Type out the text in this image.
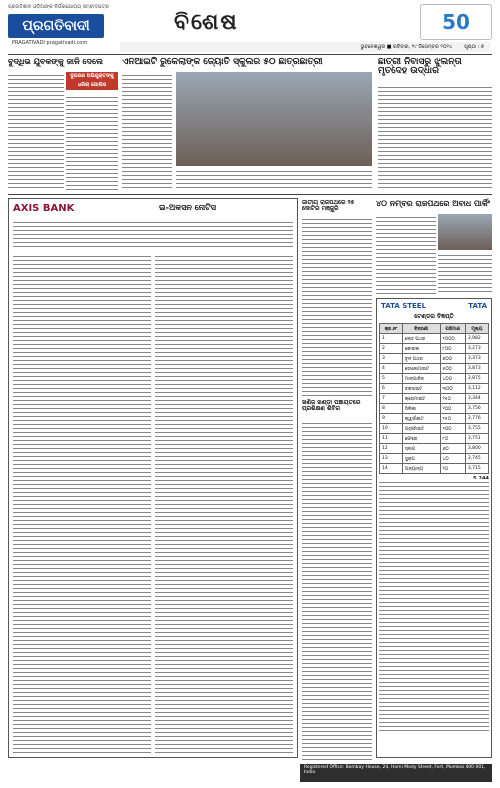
ପ୍ରଗତିଶୀଳ ଓଡ଼ିଆଙ୍କ ନିର୍ଭରଯୋଗ୍ୟ ସମ୍ବାଦପତ୍ର
ପ୍ରଗତିବାଦୀ
PRAGATIVADI pragativadi.com
ବିଶେଷ	50
ଭୁବନେଶ୍ୱର ■ ରବିବାର, ୨୯ ଡିସେମ୍ବର ୨୦୨୪ ପୃଷ୍ଠା : ୭
ବୁଦ୍ଧିଭ ଯୁବକଙ୍କୁ ଜାଳି ଦେଲେ
ଦୁଇଜଣ ଅଭିଯୁକ୍ତଙ୍କୁ ଧରିଲା ପୋଲିସ
ଏନଆଇଟି ରୁକେଲାଙ୍କ ଜ୍ୟୋତି ସ୍କୁଲର ୫୦ ଛାତ୍ରଛାତ୍ରୀ	ଛାତ୍ରୀ ନିବାସରୁ ଝୁଲନ୍ତା ମୃତଦେହ ଉଦ୍ଧାର
AXIS BANK	ଇ-ଅକସନ ନୋଟିସ
ଜାତୀୟ ରାଜପଥରେ ୨୫ କୋଟିର ମଞ୍ଜୁରି
ଖଣିଜ ଖଣ୍ଡା ପଞ୍ଚାୟତରେ ପ୍ରଶିକ୍ଷଣ ଶିବିର
୪୦ ନମ୍ବର ରାଜପଥରେ ଅବାଧ ପାର୍କିଂ
TATA STEEL	TATA
ଟେଣ୍ଡର ବିଜ୍ଞପ୍ତି
କ୍ର.ନଂ	ବିବରଣୀ	ପରିମାଣ	ମୂଲ୍ୟ
1	ଲୋହ ପଥର	୧୦୦୦	3,982
2	କୋଇଲା	୮୦୦	3,273
3	ଚୂନ ପଥର	୬୦୦	3,373
4	ଡୋଲୋମାଇଟ	୫୦୦	3,873
5	ମାଙ୍ଗାନିଜ	୪୦୦	3,875
6	ବକ୍ସାଇଟ	୩୦୦	3,112
7	କ୍ରୋମାଇଟ	୨୫୦	3,344
8	ସିଲିକା	୨୦୦	3,756
9	କ୍ୱାର୍ଜାଇଟ	୧୫୦	3,776
10	ଗ୍ରାଫାଇଟ	୧୦୦	3,755
11	ଫେରୋ	୮୦	3,751
12	ସ୍ଲାଗ	୬୦	3,800
13	ସ୍କ୍ରାପ	୪୦	3,745
14	ଅନ୍ୟାନ୍ୟ	୨୦	3,715
Registered Office: Bombay House, 24, Homi Mody Street, Fort, Mumbai 400 001, India
